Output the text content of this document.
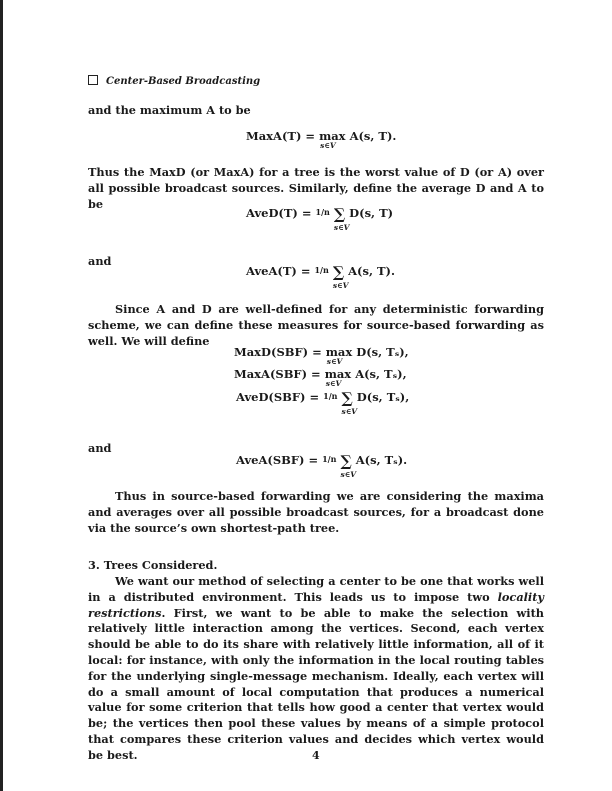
Center-Based Broadcasting
and the maximum A to be
MaxA(T) = max
s∈V
A(s, T).
Thus the MaxD (or MaxA) for a tree is the worst value of D (or A) over all possible broadcast sources. Similarly, define the average D and A to be
AveD(T) = 1/n ∑
s∈V
D(s, T)
and
AveA(T) = 1/n ∑
s∈V
A(s, T).
Since A and D are well-defined for any deterministic forwarding scheme, we can define these measures for source-based forwarding as well. We will define
MaxD(SBF) = max
s∈V
D(s, Tₛ),
MaxA(SBF) = max
s∈V
A(s, Tₛ),
AveD(SBF) = 1/n ∑
s∈V
D(s, Tₛ),
and
AveA(SBF) = 1/n ∑
s∈V
A(s, Tₛ).
Thus in source-based forwarding we are considering the maxima and averages over all possible broadcast sources, for a broadcast done via the source’s own shortest-path tree.
3. Trees Considered.
We want our method of selecting a center to be one that works well in a distributed environment. This leads us to impose two locality restrictions. First, we want to be able to make the selection with relatively little interaction among the vertices. Second, each vertex should be able to do its share with relatively little information, all of it local: for instance, with only the information in the local routing tables for the underlying single-message mechanism. Ideally, each vertex will do a small amount of local computation that produces a numerical value for some criterion that tells how good a center that vertex would be; the vertices then pool these values by means of a simple protocol that compares these criterion values and decides which vertex would be best.	4
